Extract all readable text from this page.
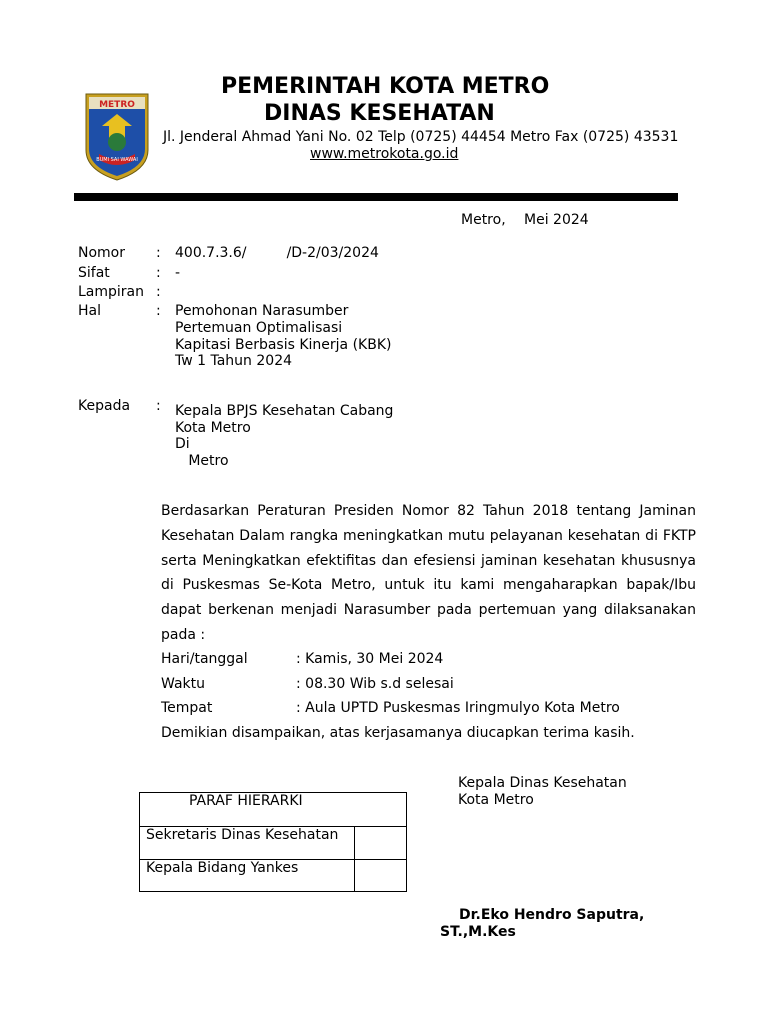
METRO
BUMI SAI WAWAI
PEMERINTAH KOTA METRO
DINAS KESEHATAN
Jl. Jenderal Ahmad Yani No. 02 Telp (0725) 44454 Metro Fax (0725) 43531
www.metrokota.go.id
Metro, Mei 2024
Nomor : 400.7.3.6/         /D-2/03/2024
Sifat	: -
Lampiran :
Hal	: Pemohonan Narasumber
Pertemuan Optimalisasi
Kapitasi Berbasis Kinerja (KBK)
Tw 1 Tahun 2024
Kepada : Kepala BPJS Kesehatan Cabang
Kota Metro
Di
Metro
Berdasarkan Peraturan Presiden Nomor 82 Tahun 2018 tentang Jaminan Kesehatan Dalam rangka meningkatkan mutu pelayanan kesehatan di FKTP serta Meningkatkan efektifitas dan efesiensi jaminan kesehatan khususnya di Puskesmas Se-Kota Metro, untuk itu kami mengaharapkan bapak/Ibu dapat berkenan menjadi Narasumber pada pertemuan yang dilaksanakan pada :
Hari/tanggal	: Kamis, 30 Mei 2024
Waktu	: 08.30 Wib s.d selesai
Tempat	: Aula UPTD Puskesmas Iringmulyo Kota Metro
Demikian disampaikan, atas kerjasamanya diucapkan terima kasih.
PARAF HIERARKI
Sekretaris Dinas Kesehatan
Kepala Bidang Yankes
Kepala Dinas Kesehatan
Kota Metro
Dr.Eko Hendro Saputra,
ST.,M.Kes
